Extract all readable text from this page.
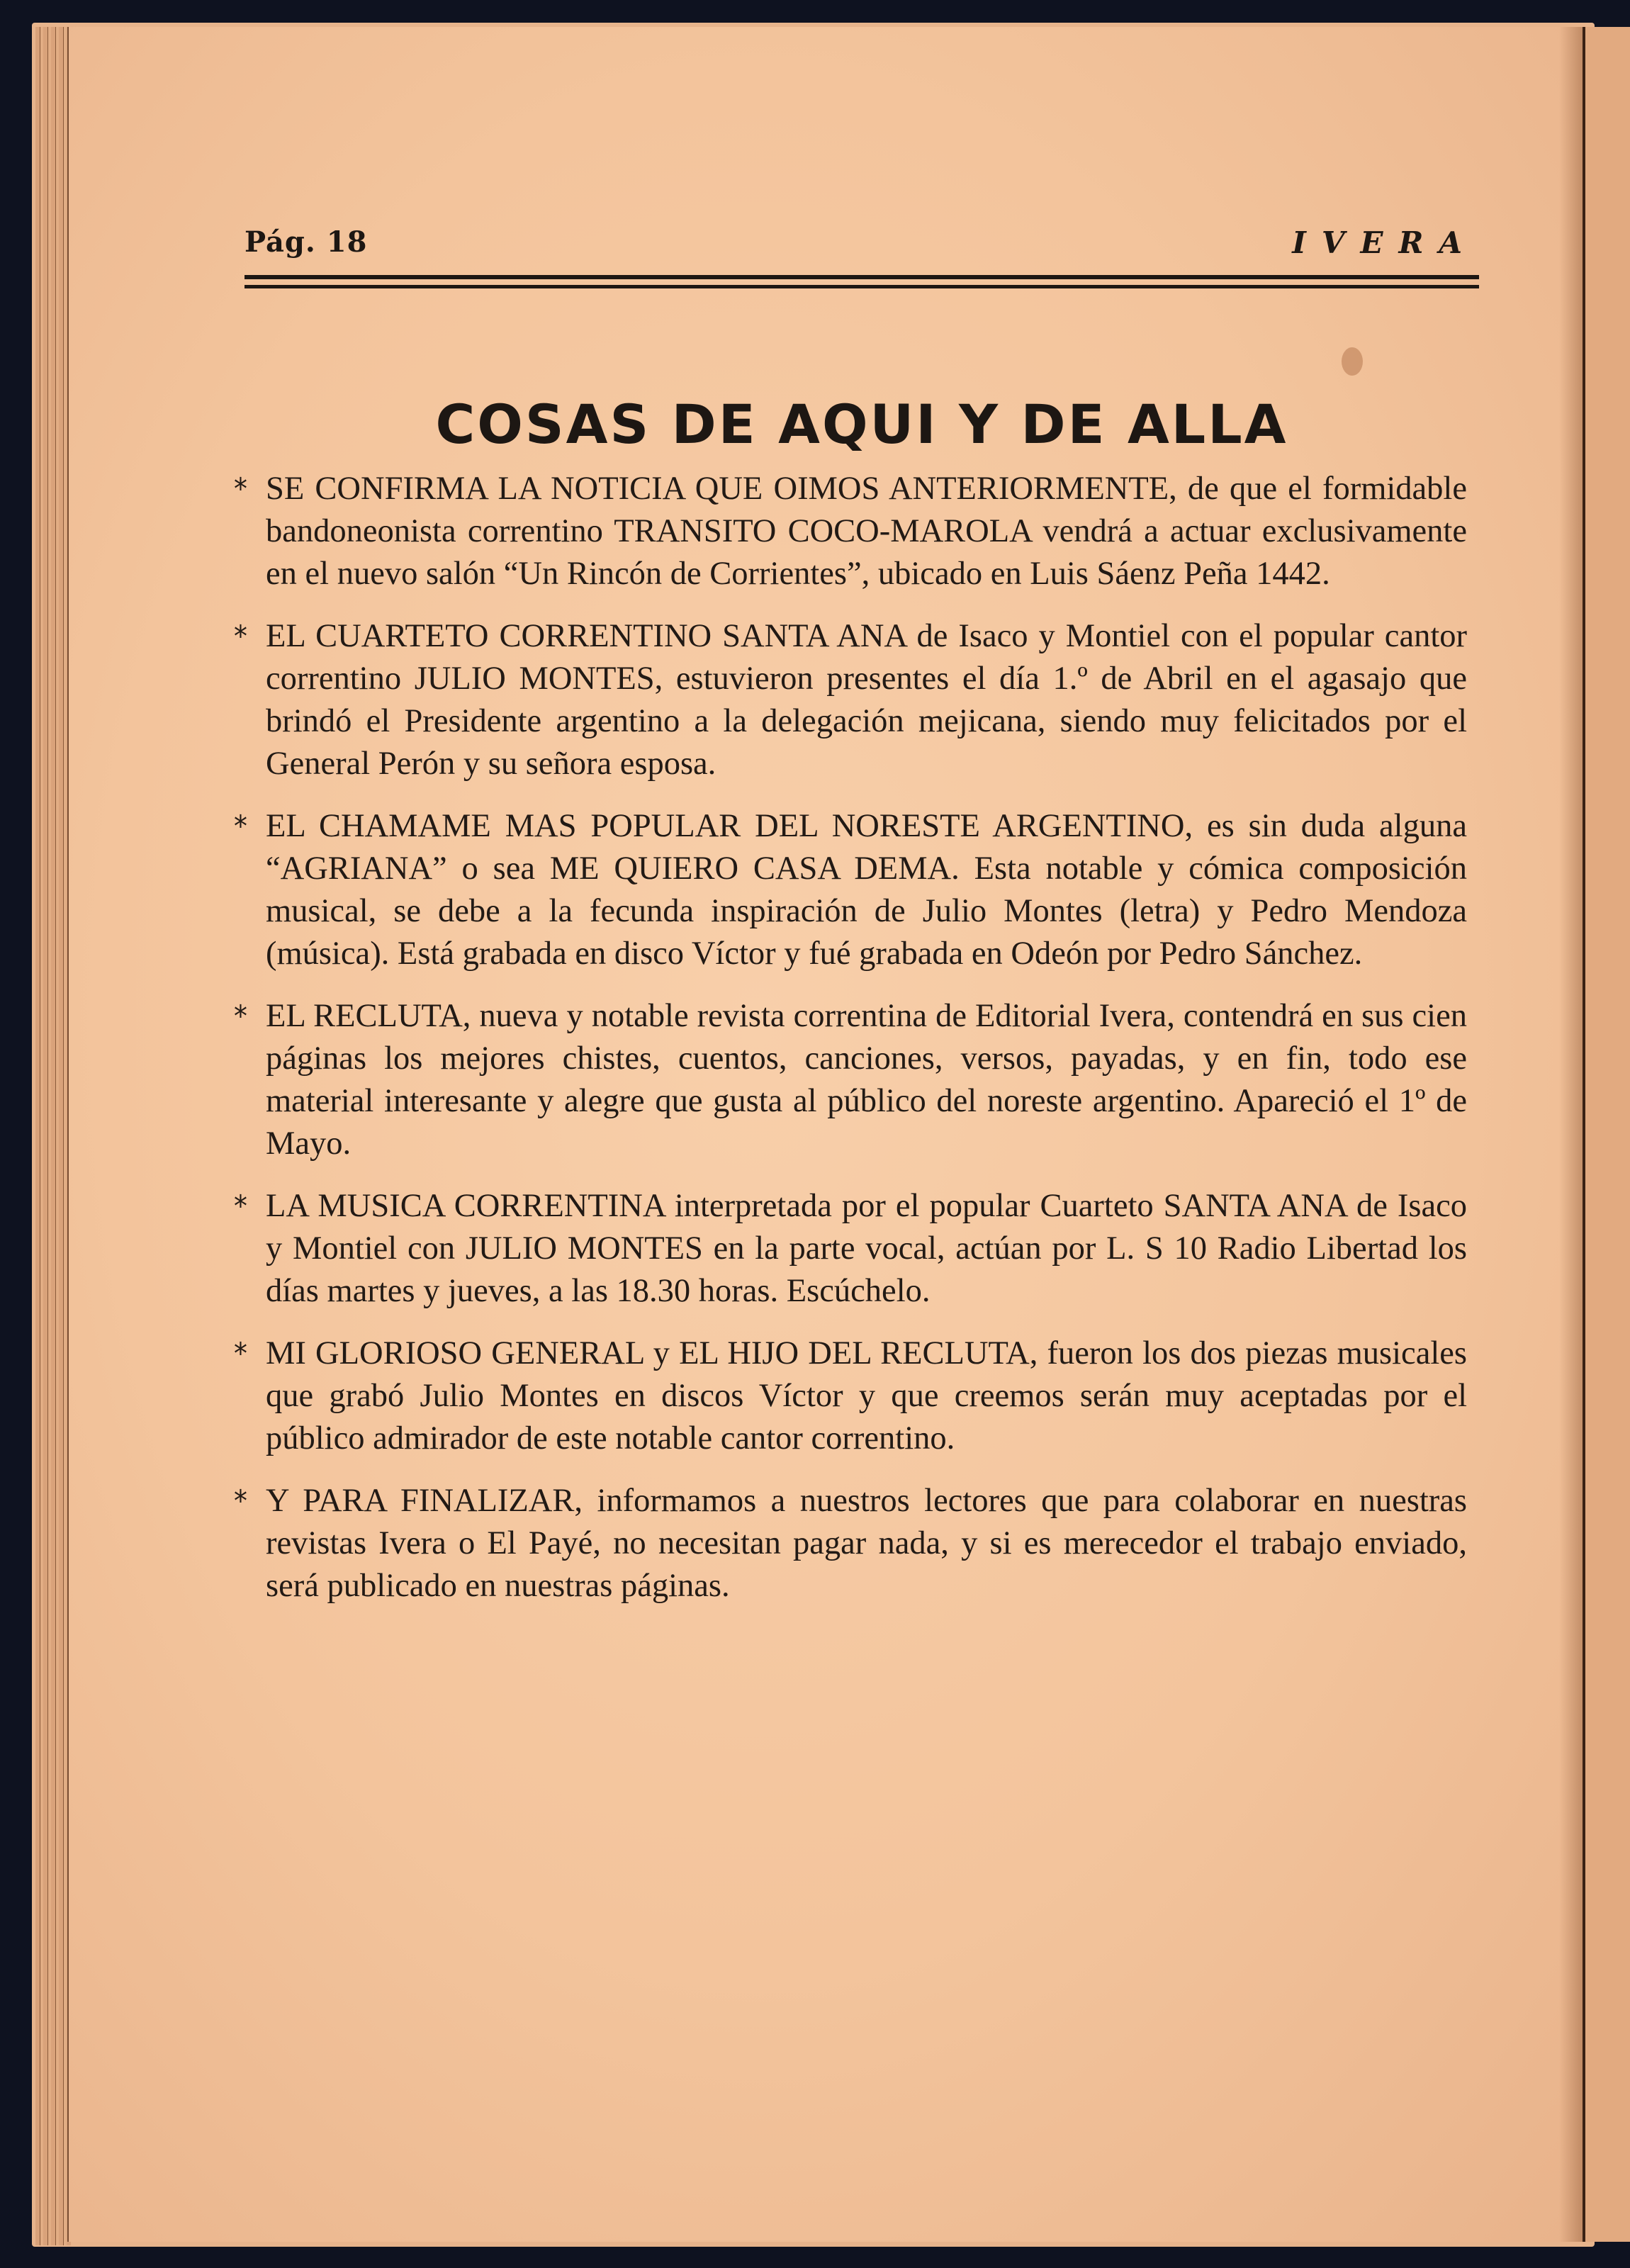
Pág. 18	IVERA
COSAS DE AQUI Y DE ALLA
* SE CONFIRMA LA NOTICIA QUE OIMOS ANTERIORMENTE, de que el formidable bandoneonista correntino TRANSITO COCO-MAROLA vendrá a actuar exclusivamente en el nuevo salón “Un Rincón de Corrientes”, ubicado en Luis Sáenz Peña 1442.

* EL CUARTETO CORRENTINO SANTA ANA de Isaco y Montiel con el popular cantor correntino JULIO MONTES, estuvieron presentes el día 1.º de Abril en el agasajo que brindó el Presidente argentino a la delegación mejicana, siendo muy felicitados por el General Perón y su señora esposa.

* EL CHAMAME MAS POPULAR DEL NORESTE ARGENTINO, es sin duda alguna “AGRIANA” o sea ME QUIERO CASA DEMA. Esta notable y cómica composición musical, se debe a la fecunda inspiración de Julio Montes (letra) y Pedro Mendoza (música). Está grabada en disco Víctor y fué grabada en Odeón por Pedro Sánchez.

* EL RECLUTA, nueva y notable revista correntina de Editorial Ivera, contendrá en sus cien páginas los mejores chistes, cuentos, canciones, versos, payadas, y en fin, todo ese material interesante y alegre que gusta al público del noreste argentino. Apareció el 1º de Mayo.

* LA MUSICA CORRENTINA interpretada por el popular Cuarteto SANTA ANA de Isaco y Montiel con JULIO MONTES en la parte vocal, actúan por L. S 10 Radio Libertad los días martes y jueves, a las 18.30 horas. Escúchelo.

* MI GLORIOSO GENERAL y EL HIJO DEL RECLUTA, fueron los dos piezas musicales que grabó Julio Montes en discos Víctor y que creemos serán muy aceptadas por el público admirador de este notable cantor correntino.

* Y PARA FINALIZAR, informamos a nuestros lectores que para colaborar en nuestras revistas Ivera o El Payé, no necesitan pagar nada, y si es merecedor el trabajo enviado, será publicado en nuestras páginas.
